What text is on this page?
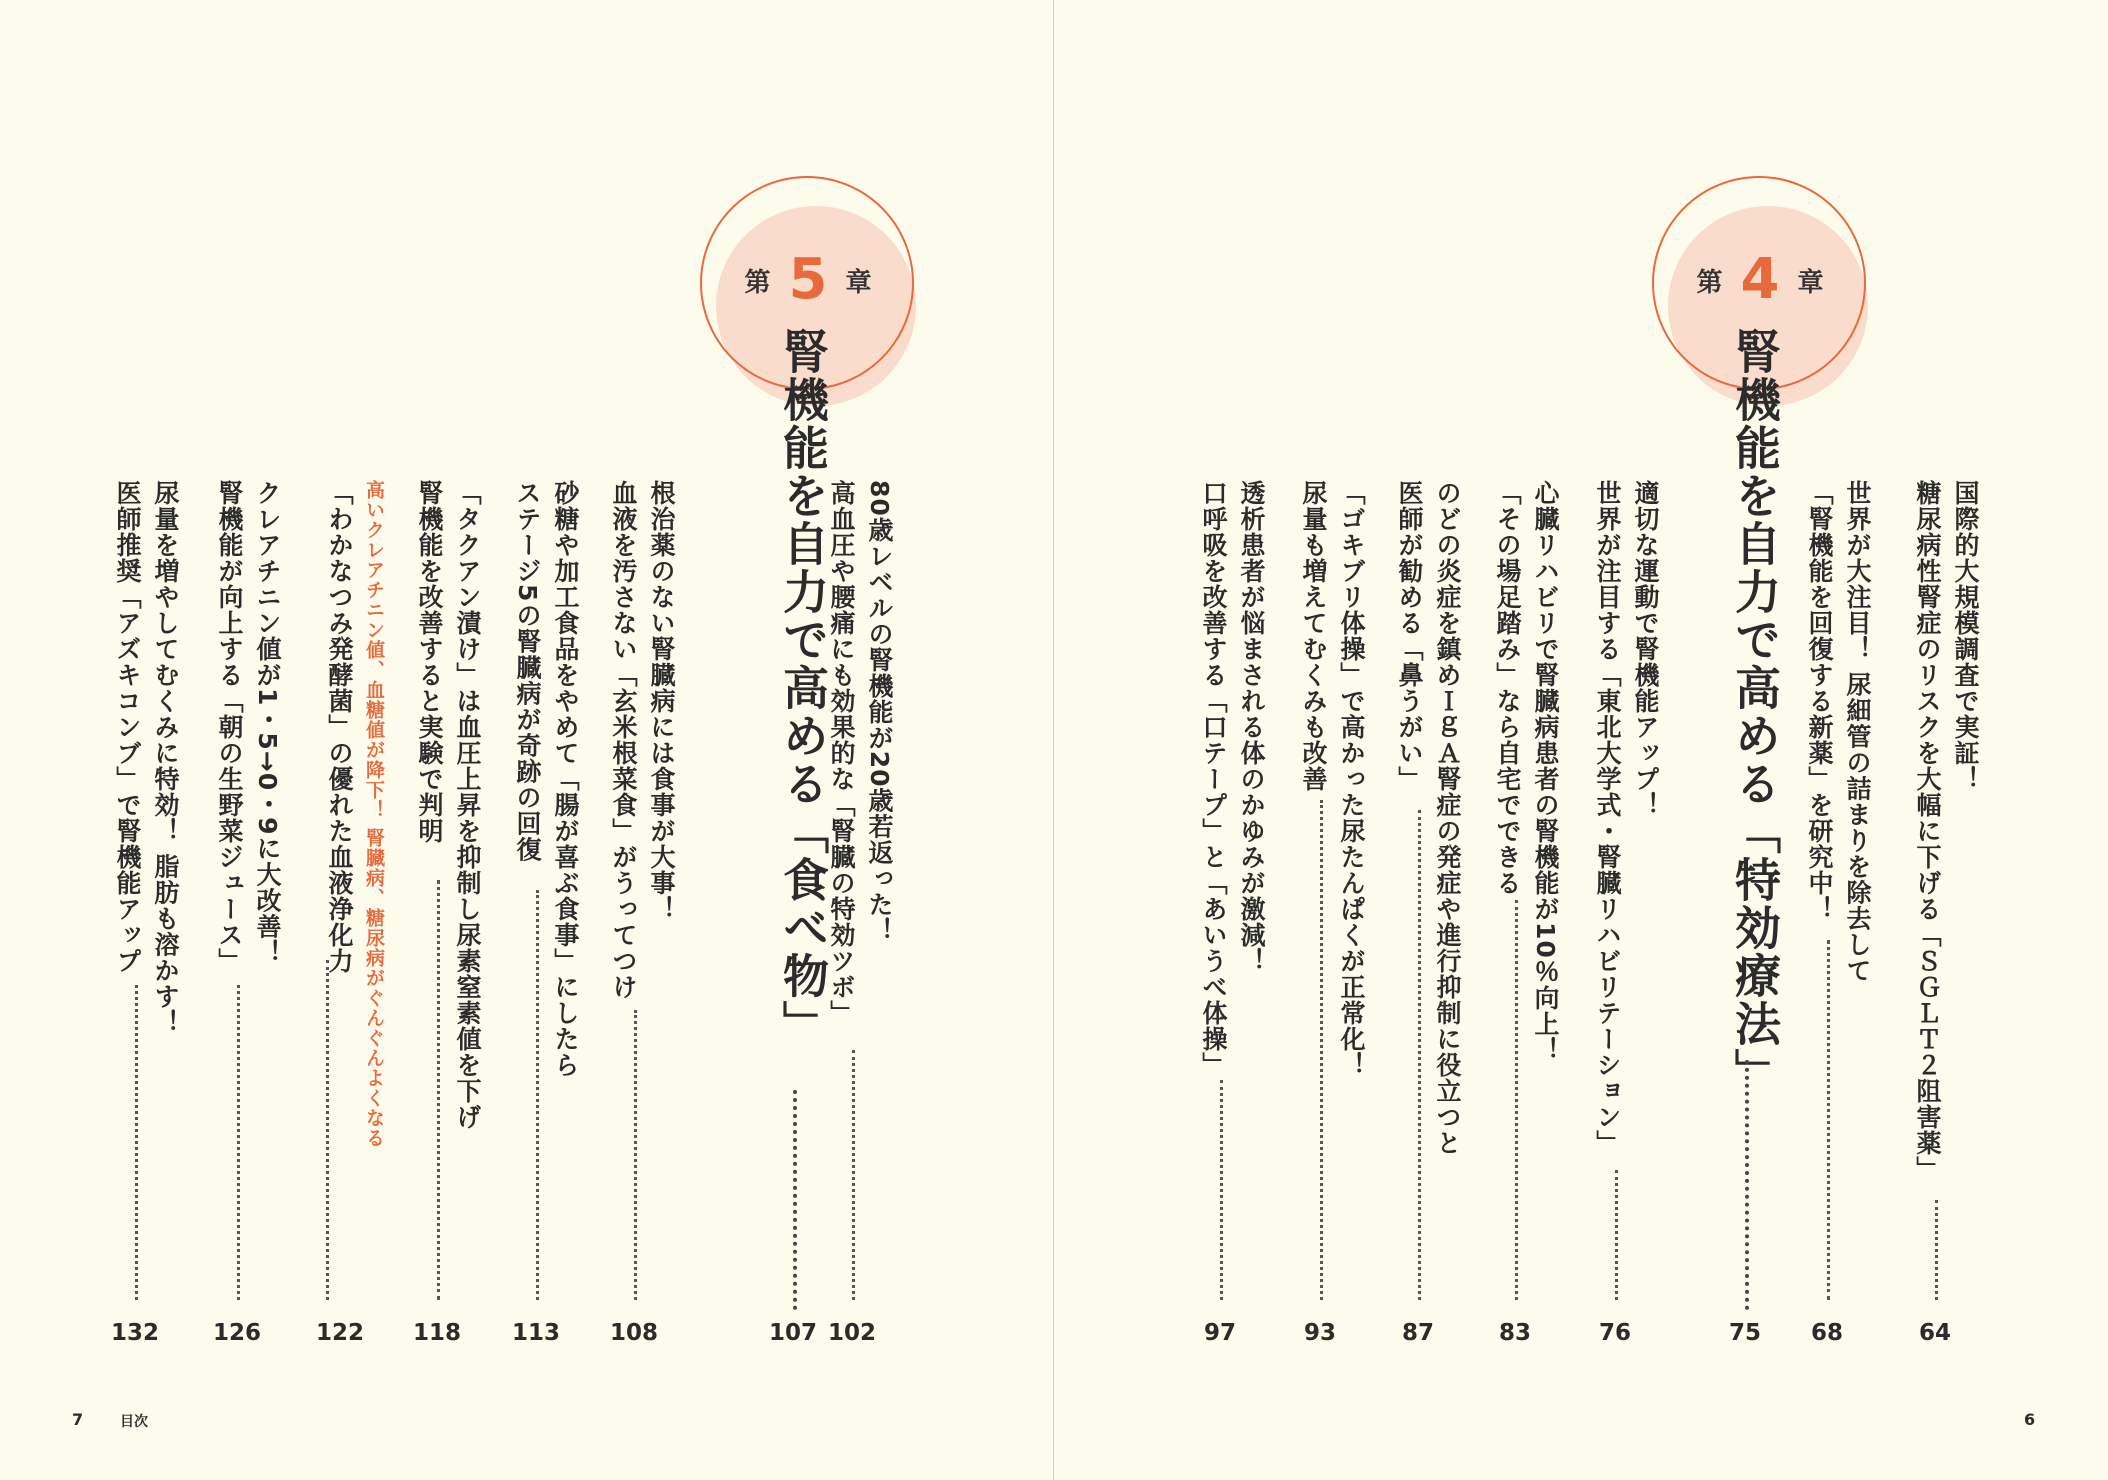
第 5 章
腎機能を自力で高める「食べ物」
107
80歳レベルの腎機能が20歳若返った！
高血圧や腰痛にも効果的な「腎臓の特効ツボ」
102
根治薬のない腎臓病には食事が大事！
血液を汚さない「玄米根菜食」がうってつけ
108
砂糖や加工食品をやめて「腸が喜ぶ食事」にしたら
ステージ5の腎臓病が奇跡の回復
113
「タクアン漬け」は血圧上昇を抑制し尿素窒素値を下げ
腎機能を改善すると実験で判明
118
高いクレアチニン値、血糖値が降下！ 腎臓病、糖尿病がぐんぐんよくなる
「わかなつみ発酵菌」の優れた血液浄化力
122
クレアチニン値が1・5→0・9に大改善！
腎機能が向上する「朝の生野菜ジュース」
126
尿量を増やしてむくみに特効！ 脂肪も溶かす！
医師推奨「アズキコンブ」で腎機能アップ
132
7	目次
国際的大規模調査で実証！
糖尿病性腎症のリスクを大幅に下げる「ＳＧＬＴ２阻害薬」
64
世界が大注目！ 尿細管の詰まりを除去して
「腎機能を回復する新薬」を研究中！
68
第 4 章
腎機能を自力で高める「特効療法」
75
適切な運動で腎機能アップ！
世界が注目する「東北大学式・腎臓リハビリテーション」
76
心臓リハビリで腎臓病患者の腎機能が10％向上！
「その場足踏み」なら自宅でできる
83
のどの炎症を鎮めＩｇＡ腎症の発症や進行抑制に役立つと
医師が勧める「鼻うがい」
87
「ゴキブリ体操」で高かった尿たんぱくが正常化！
尿量も増えてむくみも改善
93
透析患者が悩まされる体のかゆみが激減！
口呼吸を改善する「口テープ」と「あいうべ体操」
97
6
